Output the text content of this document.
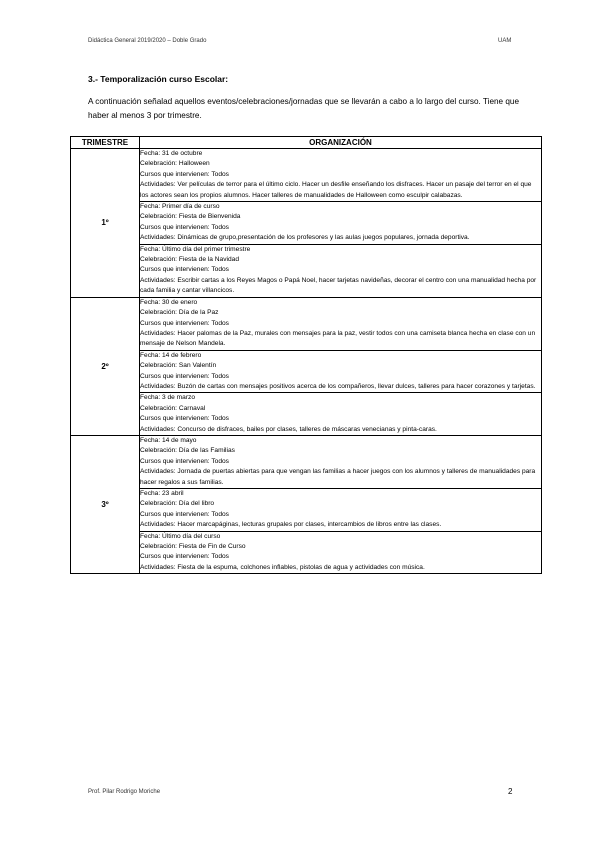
Didáctica General 2019/2020 – Doble Grado	UAM
3.- Temporalización curso Escolar:
A continuación señalad aquellos eventos/celebraciones/jornadas que se llevarán a cabo a lo largo del curso. Tiene que haber al menos 3 por trimestre.
TRIMESTRE	ORGANIZACIÓN
1º	Fecha: 31 de octubre
Celebración: Halloween
Cursos que intervienen: Todos
Actividades: Ver películas de terror para el último ciclo. Hacer un desfile enseñando los disfraces. Hacer un pasaje del terror en el que los actores sean los propios alumnos. Hacer talleres de manualidades de Halloween como esculpir calabazas.

	Fecha: Primer día de curso
Celebración: Fiesta de Bienvenida
Cursos que intervienen: Todos
Actividades: Dinámicas de grupo,presentación de los profesores y las aulas juegos populares, jornada deportiva.

	Fecha: Último día del primer trimestre
Celebración: Fiesta de la Navidad
Cursos que intervienen: Todos
Actividades: Escribir cartas a los Reyes Magos o Papá Noel, hacer tarjetas navideñas, decorar el centro con una manualidad hecha por cada familia y cantar villancicos.

2º	Fecha: 30 de enero
Celebración: Día de la Paz
Cursos que intervienen: Todos
Actividades: Hacer palomas de la Paz, murales con mensajes para la paz, vestir todos con una camiseta blanca hecha en clase con un mensaje de Nelson Mandela.

	Fecha: 14 de febrero
Celebración: San Valentín
Cursos que intervienen: Todos
Actividades: Buzón de cartas con mensajes positivos acerca de los compañeros, llevar dulces, talleres para hacer corazones y tarjetas.

	Fecha: 3 de marzo
Celebración: Carnaval
Cursos que intervienen: Todos
Actividades: Concurso de disfraces, bailes por clases, talleres de máscaras venecianas y pinta-caras.

3º	Fecha: 14 de mayo
Celebración: Día de las Familias
Cursos que intervienen: Todos
Actividades: Jornada de puertas abiertas para que vengan las familias a hacer juegos con los alumnos y talleres de manualidades para hacer regalos a sus familias.

	Fecha: 23 abril
Celebración: Día del libro
Cursos que intervienen: Todos
Actividades: Hacer marcapáginas, lecturas grupales por clases, intercambios de libros entre las clases.

	Fecha: Último día del curso
Celebración: Fiesta de Fin de Curso
Cursos que intervienen: Todos
Actividades: Fiesta de la espuma, colchones inflables, pistolas de agua y actividades con música.
Prof. Pilar Rodrigo Moriche	2
